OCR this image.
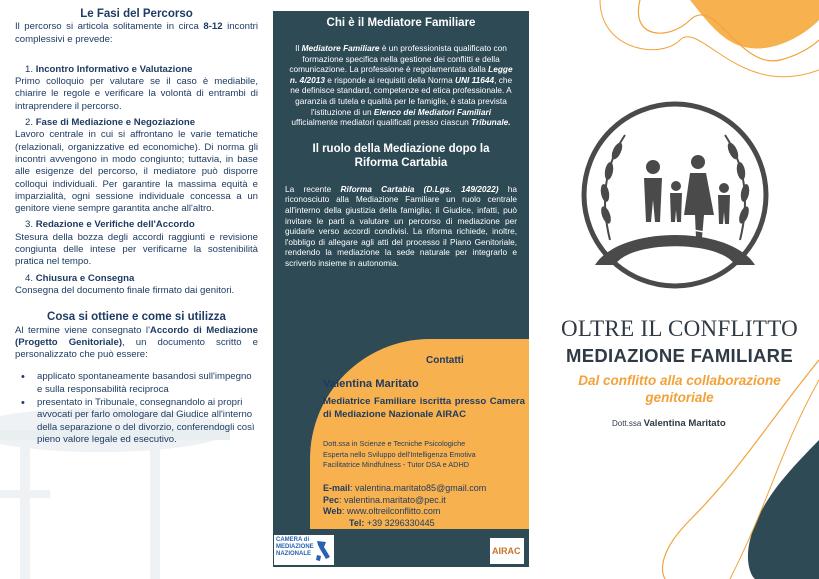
Le Fasi del Percorso

Il percorso si articola solitamente in circa 8-12 incontri complessivi e prevede:

1. Incontro Informativo e Valutazione

Primo colloquio per valutare se il caso è mediabile, chiarire le regole e verificare la volontà di entrambi di intraprendere il percorso.

2. Fase di Mediazione e Negoziazione

Lavoro centrale in cui si affrontano le varie tematiche (relazionali, organizzative ed economiche). Di norma gli incontri avvengono in modo congiunto; tuttavia, in base alle esigenze del percorso, il mediatore può disporre colloqui individuali. Per garantire la massima equità e imparzialità, ogni sessione individuale concessa a un genitore viene sempre garantita anche all'altro.

3. Redazione e Verifiche dell'Accordo

Stesura della bozza degli accordi raggiunti e revisione congiunta delle intese per verificarne la sostenibilità pratica nel tempo.

4. Chiusura e Consegna

Consegna del documento finale firmato dai genitori.

Cosa si ottiene e come si utilizza

Al termine viene consegnato l'Accordo di Mediazione (Progetto Genitoriale), un documento scritto e personalizzato che può essere:

• applicato spontaneamente basandosi sull'impegno e sulla responsabilità reciproca
• presentato in Tribunale, consegnandolo ai propri avvocati per farlo omologare dal Giudice all'interno della separazione o del divorzio, conferendogli così pieno valore legale ed esecutivo.
Chi è il Mediatore Familiare

Il Mediatore Familiare è un professionista qualificato con formazione specifica nella gestione dei conflitti e della comunicazione. La professione è regolamentata dalla Legge n. 4/2013 e risponde ai requisiti della Norma UNI 11644, che ne definisce standard, competenze ed etica professionale. A garanzia di tutela e qualità per le famiglie, è stata prevista l'istituzione di un Elenco dei Mediatori Familiari ufficialmente mediatori qualificati presso ciascun Tribunale.

Il ruolo della Mediazione dopo la Riforma Cartabia

La recente Riforma Cartabia (D.Lgs. 149/2022) ha riconosciuto alla Mediazione Familiare un ruolo centrale all'interno della giustizia della famiglia; il Giudice, infatti, può invitare le parti a valutare un percorso di mediazione per guidarle verso accordi condivisi. La riforma richiede, inoltre, l'obbligo di allegare agli atti del processo il Piano Genitoriale, rendendo la mediazione la sede naturale per integrarlo e scriverlo insieme in autonomia.

Contatti
Valentina Maritato
Mediatrice Familiare iscritta presso Camera di Mediazione Nazionale AIRAC
Dott.ssa in Scienze e Tecniche Psicologiche
Esperta nello Sviluppo dell'Intelligenza Emotiva
Facilitatrice Mindfulness - Tutor DSA e ADHD
E-mail: valentina.maritato85@gmail.com
Pec: valentina.maritato@pec.it
Web: www.oltreilconflitto.com
Tel: +39 3296330445
CAMERA di
MEDIAZIONE
NAZIONALE	AIRAC
OLTRE IL CONFLITTO
MEDIAZIONE FAMILIARE
Dal conflitto alla collaborazione genitoriale
Dott.ssa Valentina Maritato
